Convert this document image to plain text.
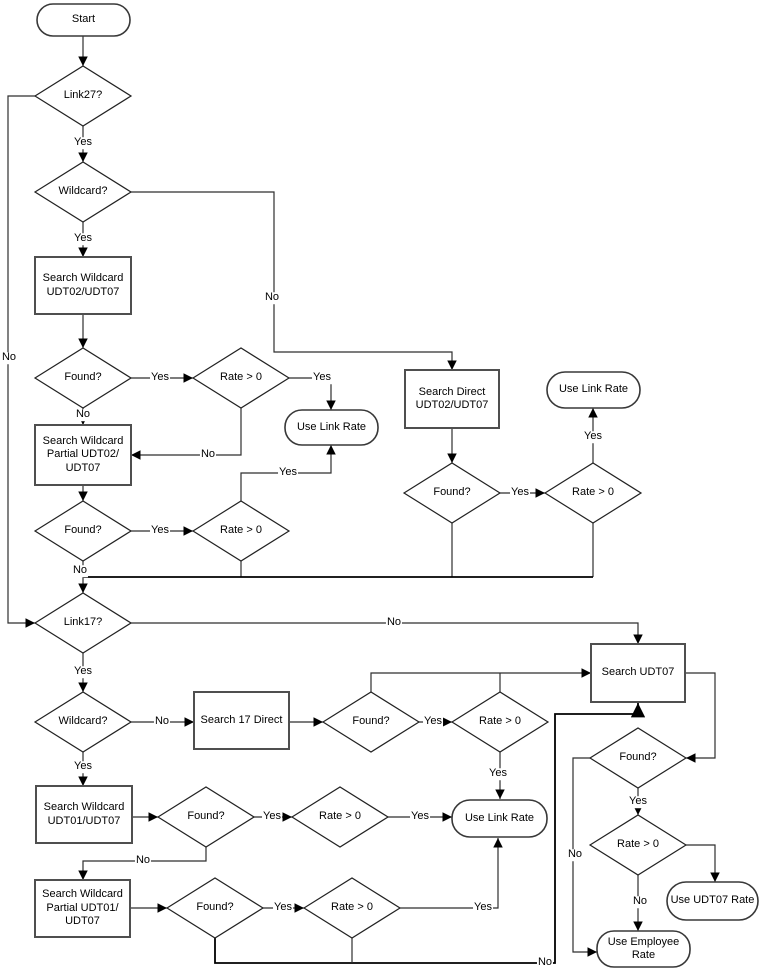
Start
Link27?
Wildcard?
Search Wildcard
UDT02/UDT07
Found?	Rate > 0
Search Wildcard
Partial UDT02/
UDT07
Found?	Rate > 0
Use Link Rate
Search Direct
UDT02/UDT07
Found?	Rate > 0
Use Link Rate
Link17?
Wildcard?	Search 17 Direct	Found?	Rate > 0
Search UDT07
Search Wildcard
UDT01/UDT07	Found?	Rate > 0	Use Link Rate
Search Wildcard
Partial UDT01/
UDT07
Found?	Rate > 0
Found?
Rate > 0
Use UDT07 Rate
Use Employee
Rate
Yes
Yes
No
Yes	Yes
No
No
Yes
Yes
No
No
Yes
Yes
No
Yes
No	Yes
Yes
Yes
Yes	Yes
No
Yes	Yes
No
Yes
No
No
